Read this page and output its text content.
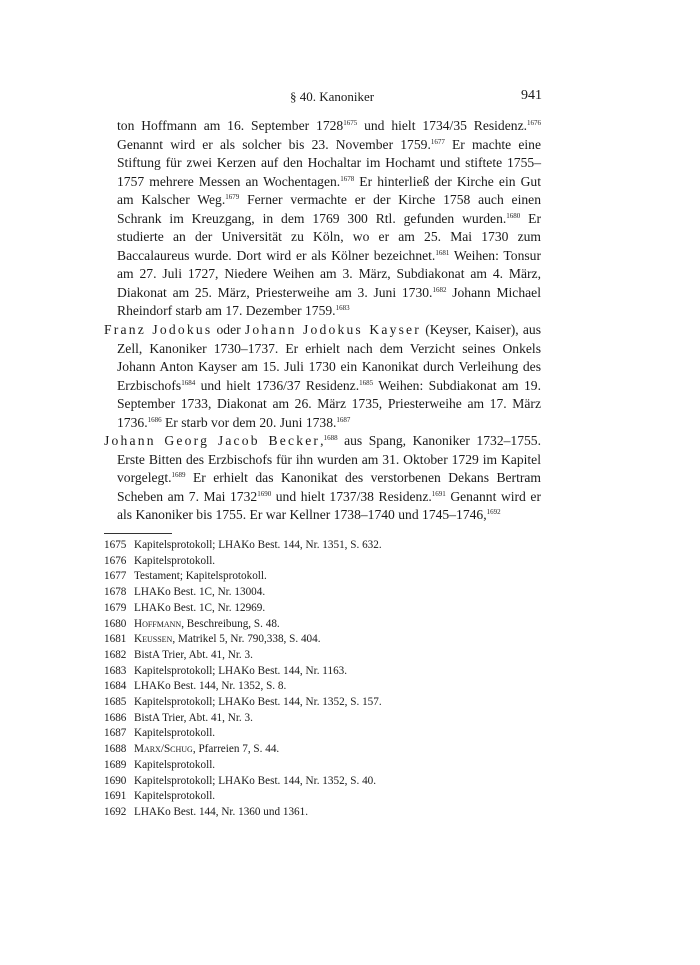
§ 40. Kanoniker	941

ton Hoffmann am 16. September $1728^{1675}$ und hielt 1734/35 Residenz.$^{1676}$ Genannt wird er als solcher bis 23. November 1759.$^{1677}$ Er machte eine Stiftung für zwei Kerzen auf den Hochaltar im Hochamt und stiftete 1755–1757 mehrere Messen an Wochentagen.$^{1678}$ Er hinterließ der Kirche ein Gut am Kalscher Weg.$^{1679}$ Ferner vermachte er der Kirche 1758 auch einen Schrank im Kreuzgang, in dem 1769 300 Rtl. gefunden wurden.$^{1680}$ Er studierte an der Universität zu Köln, wo er am 25. Mai 1730 zum Baccalaureus wurde. Dort wird er als Kölner bezeichnet.$^{1681}$ Weihen: Tonsur am 27. Juli 1727, Niedere Weihen am 3. März, Subdiakonat am 4. März, Diakonat am 25. März, Priesterweihe am 3. Juni 1730.$^{1682}$ Johann Michael Rheindorf starb am 17. Dezember 1759.$^{1683}$

Franz Jodokus oder Johann Jodokus Kayser (Keyser, Kaiser), aus Zell, Kanoniker 1730–1737. Er erhielt nach dem Verzicht seines Onkels Johann Anton Kayser am 15. Juli 1730 ein Kanonikat durch Verleihung des Erzbischofs$^{1684}$ und hielt 1736/37 Residenz.$^{1685}$ Weihen: Subdiakonat am 19. September 1733, Diakonat am 26. März 1735, Priesterweihe am 17. März 1736.$^{1686}$ Er starb vor dem 20. Juni 1738.$^{1687}$

Johann Georg Jacob Becker,$^{1688}$ aus Spang, Kanoniker 1732–1755. Erste Bitten des Erzbischofs für ihn wurden am 31. Oktober 1729 im Kapitel vorgelegt.$^{1689}$ Er erhielt das Kanonikat des verstorbenen Dekans Bertram Scheben am 7. Mai $1732^{1690}$ und hielt 1737/38 Residenz.$^{1691}$ Genannt wird er als Kanoniker bis 1755. Er war Kellner 1738–1740 und 1745–1746,$^{1692}$

1675 Kapitelsprotokoll; LHAKo Best. 144, Nr. 1351, S. 632.
1676 Kapitelsprotokoll.
1677 Testament; Kapitelsprotokoll.
1678 LHAKo Best. 1C, Nr. 13004.
1679 LHAKo Best. 1C, Nr. 12969.
1680 Hoffmann, Beschreibung, S. 48.
1681 Keussen, Matrikel 5, Nr. 790,338, S. 404.
1682 BistA Trier, Abt. 41, Nr. 3.
1683 Kapitelsprotokoll; LHAKo Best. 144, Nr. 1163.
1684 LHAKo Best. 144, Nr. 1352, S. 8.
1685 Kapitelsprotokoll; LHAKo Best. 144, Nr. 1352, S. 157.
1686 BistA Trier, Abt. 41, Nr. 3.
1687 Kapitelsprotokoll.
1688 Marx/Schug, Pfarreien 7, S. 44.
1689 Kapitelsprotokoll.
1690 Kapitelsprotokoll; LHAKo Best. 144, Nr. 1352, S. 40.
1691 Kapitelsprotokoll.
1692 LHAKo Best. 144, Nr. 1360 und 1361.
